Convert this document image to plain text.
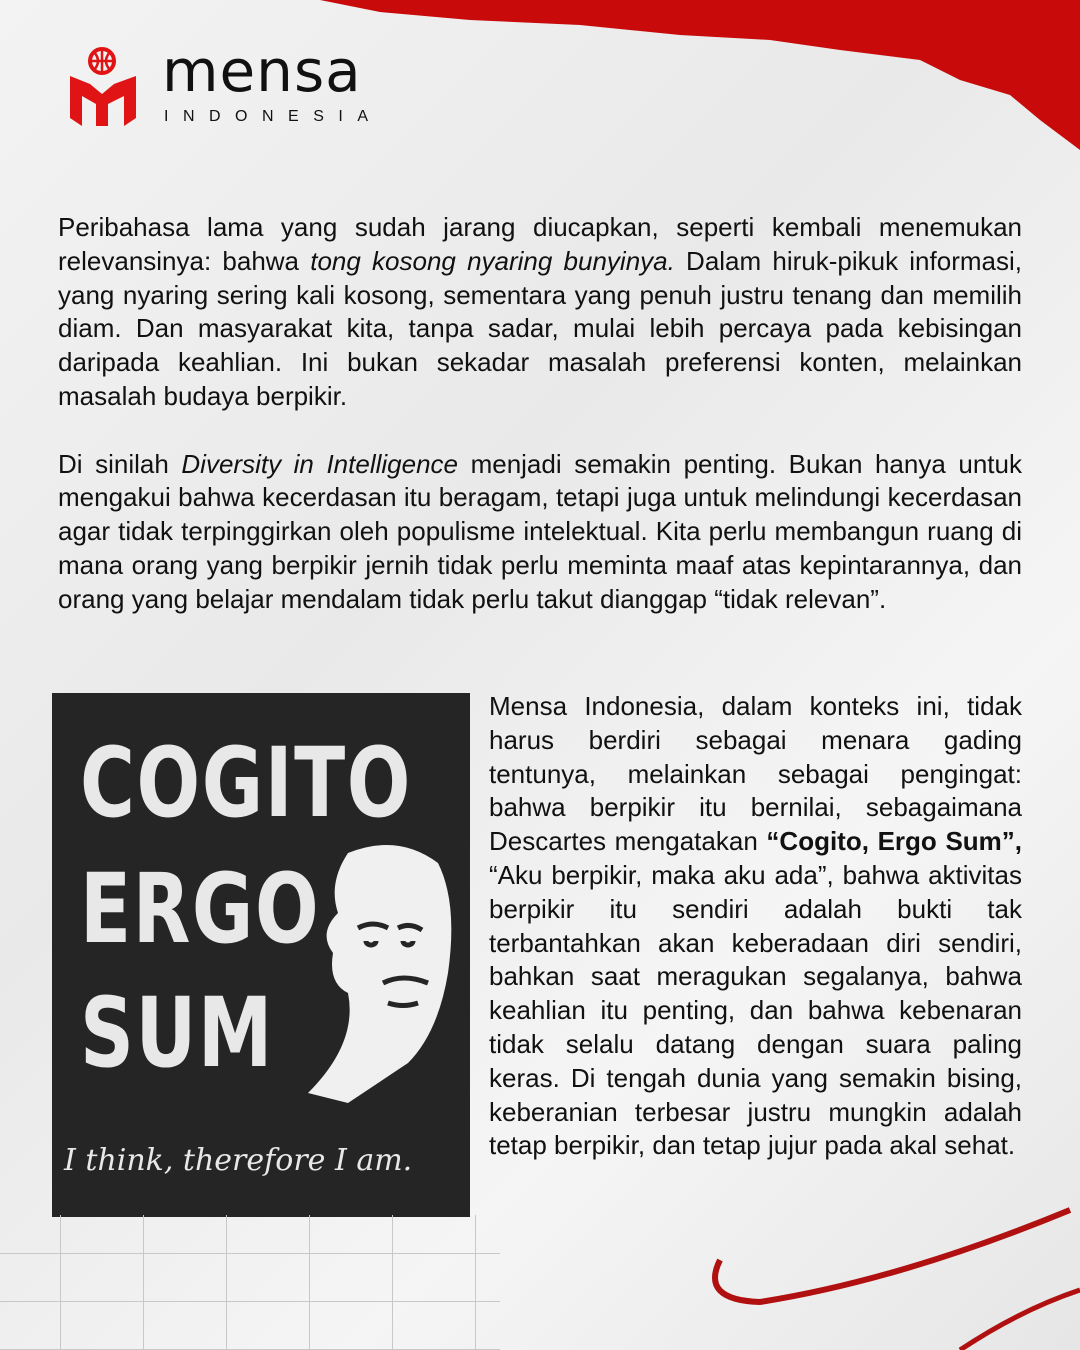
mensa
INDONESIA

Peribahasa lama yang sudah jarang diucapkan, seperti kembali menemukan relevansinya: bahwa tong kosong nyaring bunyinya. Dalam hiruk-pikuk informasi, yang nyaring sering kali kosong, sementara yang penuh justru tenang dan memilih diam. Dan masyarakat kita, tanpa sadar, mulai lebih percaya pada kebisingan daripada keahlian. Ini bukan sekadar masalah preferensi konten, melainkan masalah budaya berpikir.

Di sinilah Diversity in Intelligence menjadi semakin penting. Bukan hanya untuk mengakui bahwa kecerdasan itu beragam, tetapi juga untuk melindungi kecerdasan agar tidak terpinggirkan oleh populisme intelektual. Kita perlu membangun ruang di mana orang yang berpikir jernih tidak perlu meminta maaf atas kepintarannya, dan orang yang belajar mendalam tidak perlu takut dianggap “tidak relevan”.

COGITO
ERGO
SUM
I think, therefore I am.

Mensa Indonesia, dalam konteks ini, tidak harus berdiri sebagai menara gading tentunya, melainkan sebagai pengingat: bahwa berpikir itu bernilai, sebagaimana Descartes mengatakan “Cogito, Ergo Sum”, “Aku berpikir, maka aku ada”, bahwa aktivitas berpikir itu sendiri adalah bukti tak terbantahkan akan keberadaan diri sendiri, bahkan saat meragukan segalanya, bahwa keahlian itu penting, dan bahwa kebenaran tidak selalu datang dengan suara paling keras. Di tengah dunia yang semakin bising, keberanian terbesar justru mungkin adalah tetap berpikir, dan tetap jujur pada akal sehat.
